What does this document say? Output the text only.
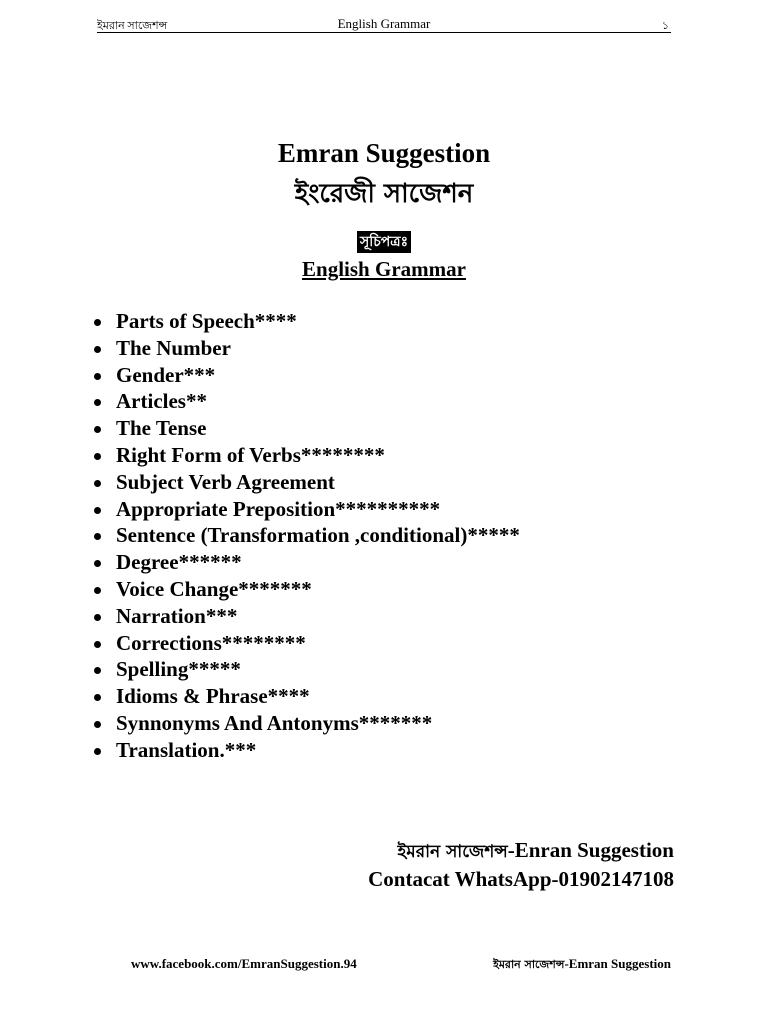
ইমরান সাজেশন্স	English Grammar	১
Emran Suggestion
ইংরেজী সাজেশন
সূচিপত্রঃ
English Grammar
Parts of Speech****
The Number
Gender***
Articles**
The Tense
Right Form of Verbs********
Subject Verb Agreement
Appropriate Preposition**********
Sentence (Transformation ,conditional)*****
Degree******
Voice Change*******
Narration***
Corrections********
Spelling*****
Idioms & Phrase****
Synnonyms And Antonyms*******
Translation.***
ইমরান সাজেশন্স-Enran Suggestion
Contacat WhatsApp-01902147108
www.facebook.com/EmranSuggestion.94	ইমরান সাজেশন্স-Emran Suggestion
